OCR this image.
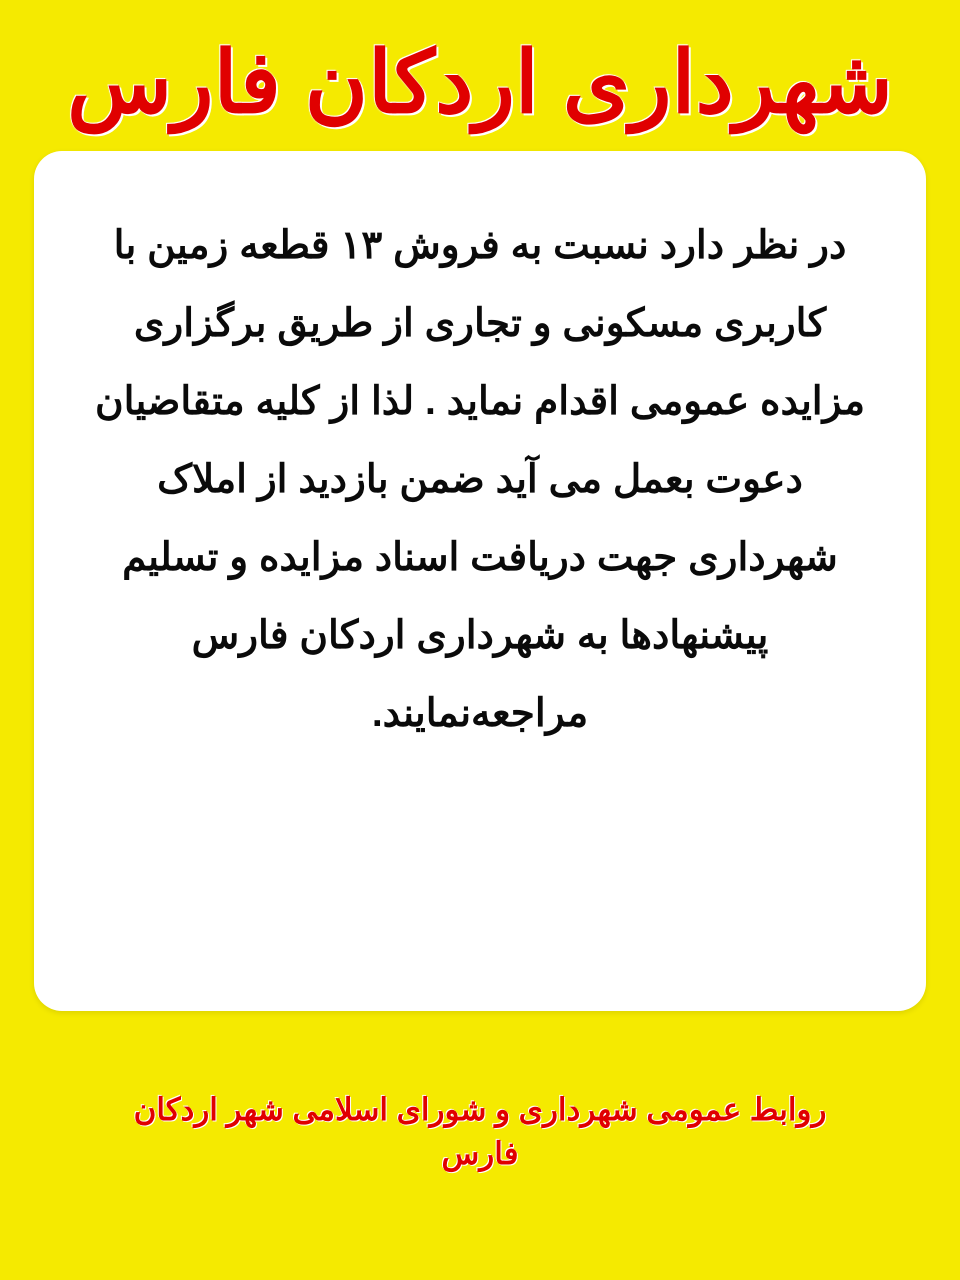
شهرداری اردکان فارس
در نظر دارد نسبت به فروش ۱۳ قطعه زمین با کاربری مسکونی و تجاری از طریق برگزاری مزایده عمومی اقدام نماید . لذا از کلیه متقاضیان دعوت بعمل می آید ضمن بازدید از املاک شهرداری جهت دریافت اسناد مزایده و تسلیم پیشنهادها به شهرداری اردکان فارس مراجعه‌نمایند.
روابط عمومی شهرداری و شورای اسلامی شهر اردکان فارس
